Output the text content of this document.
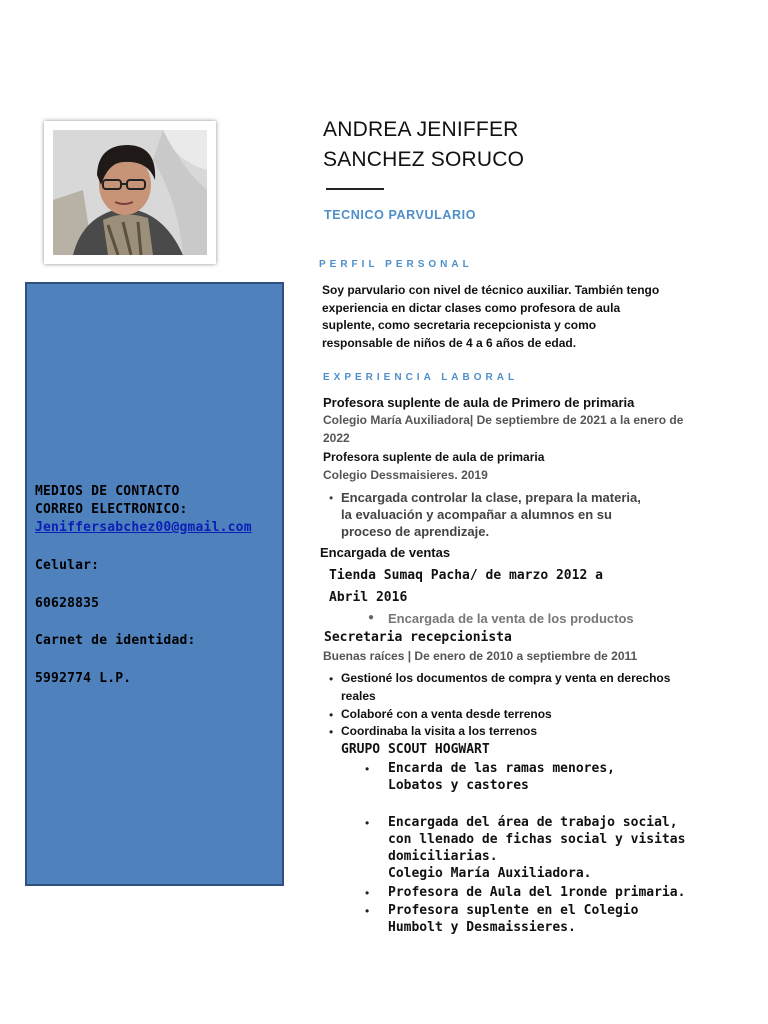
MEDIOS DE CONTACTO
CORREO ELECTRONICO:
Jeniffersabchez00@gmail.com
Celular:
60628835
Carnet de identidad:
5992774 L.P.
ANDREA JENIFFER
SANCHEZ SORUCO
TECNICO PARVULARIO
PERFIL PERSONAL
Soy parvulario con nivel de técnico auxiliar. También tengo
experiencia en dictar clases como profesora de aula
suplente, como secretaria recepcionista y como
responsable de niños de 4 a 6 años de edad.
EXPERIENCIA LABORAL
Profesora suplente de aula de Primero de primaria
Colegio María Auxiliadora| De septiembre de 2021 a la enero de
2022
Profesora suplente de aula de primaria
Colegio Dessmaisieres. 2019
• Encargada controlar la clase, prepara la materia,
la evaluación y acompañar a alumnos en su
proceso de aprendizaje.
Encargada de ventas
Tienda Sumaq Pacha/ de marzo 2012 a
Abril 2016
● Encargada de la venta de los productos
Secretaria recepcionista
Buenas raíces | De enero de 2010 a septiembre de 2011
• Gestioné los documentos de compra y venta en derechos
reales
• Colaboré con a venta desde terrenos
• Coordinaba la visita a los terrenos
GRUPO SCOUT HOGWART
• Encarda de las ramas menores,
Lobatos y castores
• Encargada del área de trabajo social,
con llenado de fichas social y visitas
domiciliarias.
Colegio María Auxiliadora.
• Profesora de Aula del 1ronde primaria.
• Profesora suplente en el Colegio
Humbolt y Desmaissieres.
